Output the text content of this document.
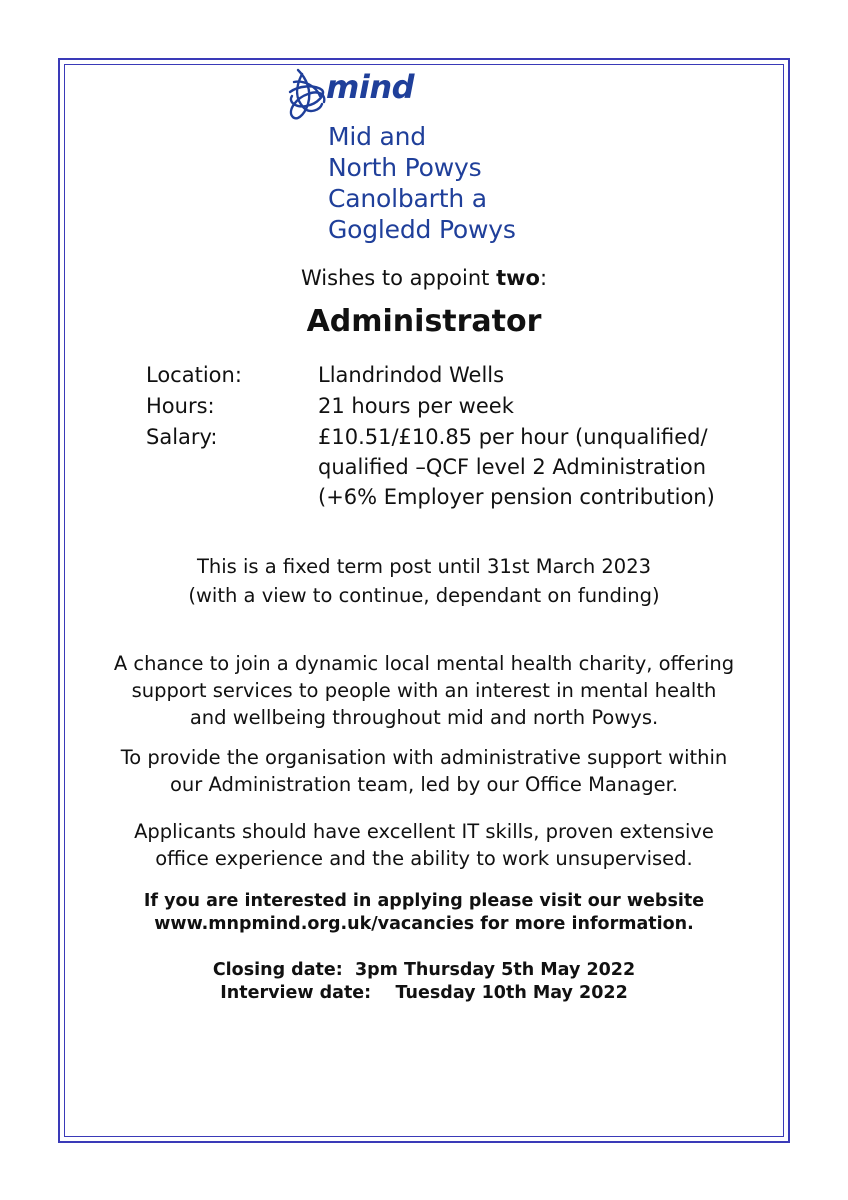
mind
Mid and
North Powys
Canolbarth a
Gogledd Powys
Wishes to appoint two:
Administrator
Location:	Llandrindod Wells
Hours:	21 hours per week
Salary:	£10.51/£10.85 per hour (unqualified/
qualified –QCF level 2 Administration
(+6% Employer pension contribution)
This is a fixed term post until 31st March 2023
(with a view to continue, dependant on funding)
A chance to join a dynamic local mental health charity, offering
support services to people with an interest in mental health
and wellbeing throughout mid and north Powys.
To provide the organisation with administrative support within
our Administration team, led by our Office Manager.
Applicants should have excellent IT skills, proven extensive
office experience and the ability to work unsupervised.
If you are interested in applying please visit our website
www.mnpmind.org.uk/vacancies for more information.
Closing date:  3pm Thursday 5th May 2022
Interview date:    Tuesday 10th May 2022
